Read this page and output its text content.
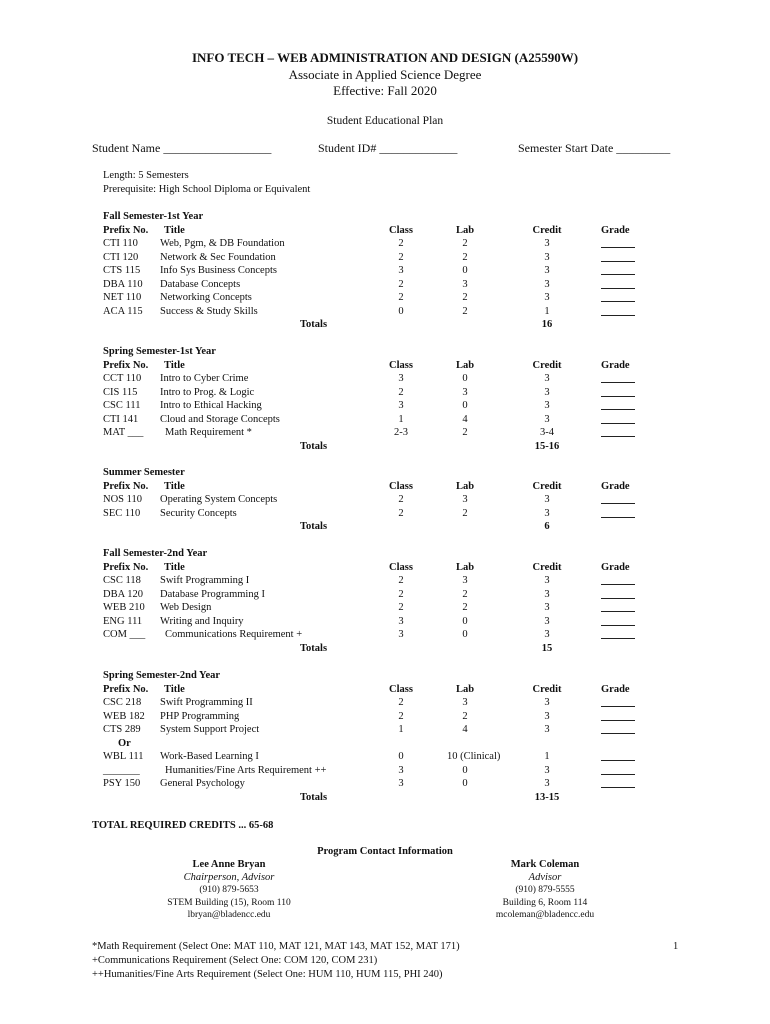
INFO TECH – WEB ADMINISTRATION AND DESIGN (A25590W)
Associate in Applied Science Degree
Effective: Fall 2020
Student Educational Plan
Student Name __________________	Student ID# _____________	Semester Start Date _________
Length: 5 Semesters
Prerequisite: High School Diploma or Equivalent
Fall Semester-1st Year
Prefix No. Title	Class	Lab	Credit	Grade
CTI 110 Web, Pgm, & DB Foundation	2	2	3
CTI 120 Network & Sec Foundation	2	2	3
CTS 115 Info Sys Business Concepts	3	0	3
DBA 110 Database Concepts	2	3	3
NET 110 Networking Concepts	2	2	3
ACA 115 Success & Study Skills	0	2	1
Totals	16
Spring Semester-1st Year
Prefix No. Title	Class	Lab	Credit	Grade
CCT 110 Intro to Cyber Crime	3	0	3
CIS 115 Intro to Prog. & Logic	2	3	3
CSC 111 Intro to Ethical Hacking	3	0	3
CTI 141 Cloud and Storage Concepts	1	4	3
MAT ___ Math Requirement *	2-3	2	3-4
Totals	15-16
Summer Semester
Prefix No. Title	Class	Lab	Credit	Grade
NOS 110 Operating System Concepts	2	3	3
SEC 110 Security Concepts	2	2	3
Totals	6
Fall Semester-2nd Year
Prefix No. Title	Class	Lab	Credit	Grade
CSC 118 Swift Programming I	2	3	3
DBA 120 Database Programming I	2	2	3
WEB 210 Web Design	2	2	3
ENG 111 Writing and Inquiry	3	0	3
COM ___ Communications Requirement +	3	0	3
Totals	15
Spring Semester-2nd Year
Prefix No. Title	Class	Lab	Credit	Grade
CSC 218 Swift Programming II	2	3	3
WEB 182 PHP Programming	2	2	3
CTS 289 System Support Project	1	4	3
Or
WBL 111 Work-Based Learning I	0	10 (Clinical)	1
_______ Humanities/Fine Arts Requirement ++	3	0	3
PSY 150 General Psychology	3	0	3
Totals	13-15
TOTAL REQUIRED CREDITS ... 65-68
Program Contact Information
Lee Anne Bryan
Chairperson, Advisor
(910) 879-5653
STEM Building (15), Room 110
lbryan@bladencc.edu
Mark Coleman
Advisor
(910) 879-5555
Building 6, Room 114
mcoleman@bladencc.edu
*Math Requirement (Select One: MAT 110, MAT 121, MAT 143, MAT 152, MAT 171)
+Communications Requirement (Select One: COM 120, COM 231)
++Humanities/Fine Arts Requirement (Select One: HUM 110, HUM 115, PHI 240)
1
